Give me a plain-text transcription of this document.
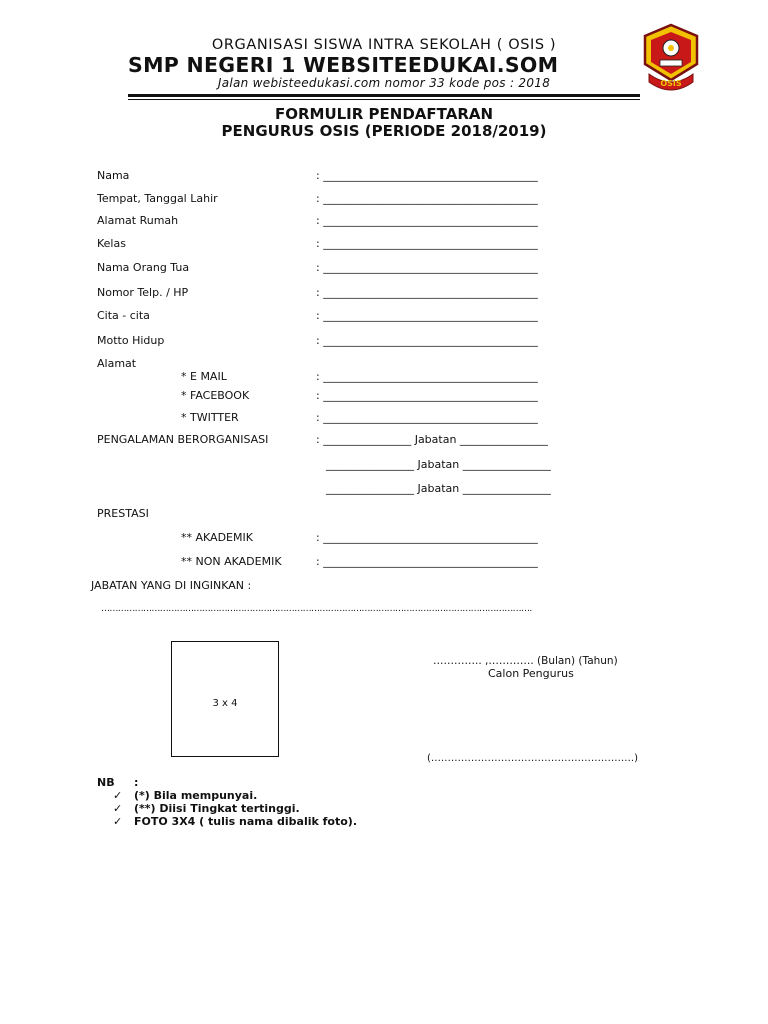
ORGANISASI SISWA INTRA SEKOLAH ( OSIS )
SMP NEGERI 1 WEBSITEEDUKAI.SOM
Jalan webisteedukasi.com nomor 33 kode pos : 2018	OSIS
FORMULIR PENDAFTARAN
PENGURUS OSIS (PERIODE 2018/2019)
Nama	: _______________________________________
Tempat, Tanggal Lahir	: _______________________________________
Alamat Rumah	: _______________________________________
Kelas	: _______________________________________
Nama Orang Tua	: _______________________________________
Nomor Telp. / HP	: _______________________________________
Cita - cita	: _______________________________________
Motto Hidup	: _______________________________________
Alamat
* E MAIL	: _______________________________________
* FACEBOOK	: _______________________________________
* TWITTER	: _______________________________________
PENGALAMAN BERORGANISASI	: ________________ Jabatan ________________
________________ Jabatan ________________
________________ Jabatan ________________
PRESTASI
** AKADEMIK	: _______________________________________
** NON AKADEMIK	: _______________________________________
JABATAN YANG DI INGINKAN :
……………………………………………………………………………………………………………………………………….
3 x 4
………….. ,…………. (Bulan) (Tahun)
Calon Pengurus
(…………………………………………………….)
NB :
✓ (*) Bila mempunyai.
✓ (**) Diisi Tingkat tertinggi.
✓ FOTO 3X4 ( tulis nama dibalik foto).
